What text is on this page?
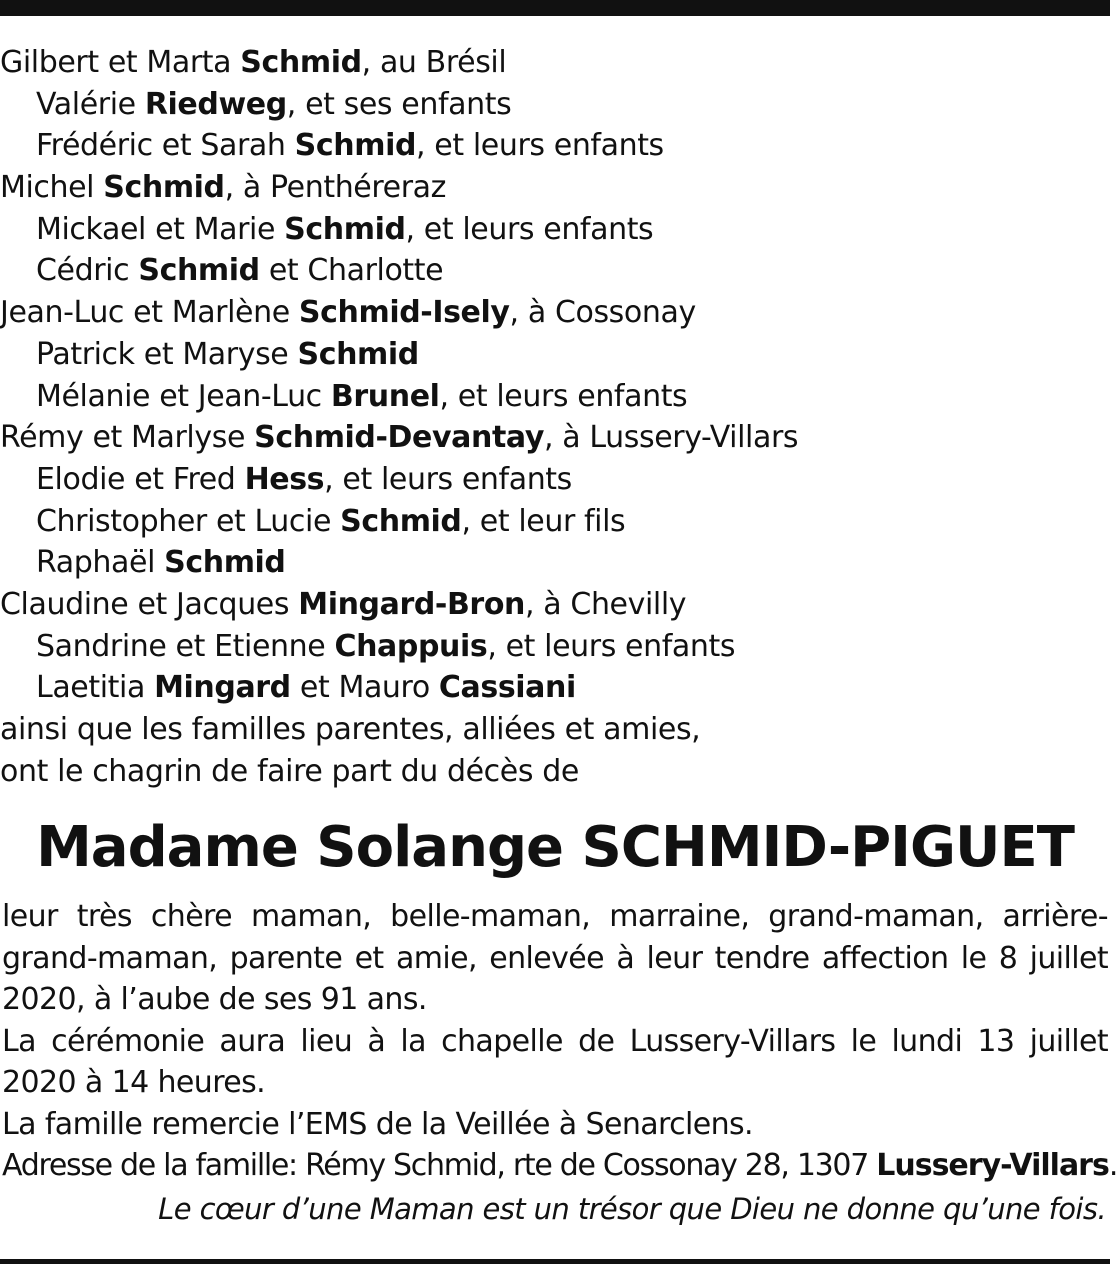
Gilbert et Marta Schmid, au Brésil
Valérie Riedweg, et ses enfants
Frédéric et Sarah Schmid, et leurs enfants
Michel Schmid, à Penthéreraz
Mickael et Marie Schmid, et leurs enfants
Cédric Schmid et Charlotte
Jean-Luc et Marlène Schmid-Isely, à Cossonay
Patrick et Maryse Schmid
Mélanie et Jean-Luc Brunel, et leurs enfants
Rémy et Marlyse Schmid-Devantay, à Lussery-Villars
Elodie et Fred Hess, et leurs enfants
Christopher et Lucie Schmid, et leur fils
Raphaël Schmid
Claudine et Jacques Mingard-Bron, à Chevilly
Sandrine et Etienne Chappuis, et leurs enfants
Laetitia Mingard et Mauro Cassiani
ainsi que les familles parentes, alliées et amies,
ont le chagrin de faire part du décès de
Madame Solange SCHMID-PIGUET

leur très chère maman, belle-maman, marraine, grand-maman, arrière-grand-maman, parente et amie, enlevée à leur tendre affection le 8 juillet 2020, à l’aube de ses 91 ans.

La cérémonie aura lieu à la chapelle de Lussery-Villars le lundi 13 juillet 2020 à 14 heures.

La famille remercie l’EMS de la Veillée à Senarclens.

Adresse de la famille: Rémy Schmid, rte de Cossonay 28, 1307 Lussery-Villars.

Le cœur d’une Maman est un trésor que Dieu ne donne qu’une fois.
